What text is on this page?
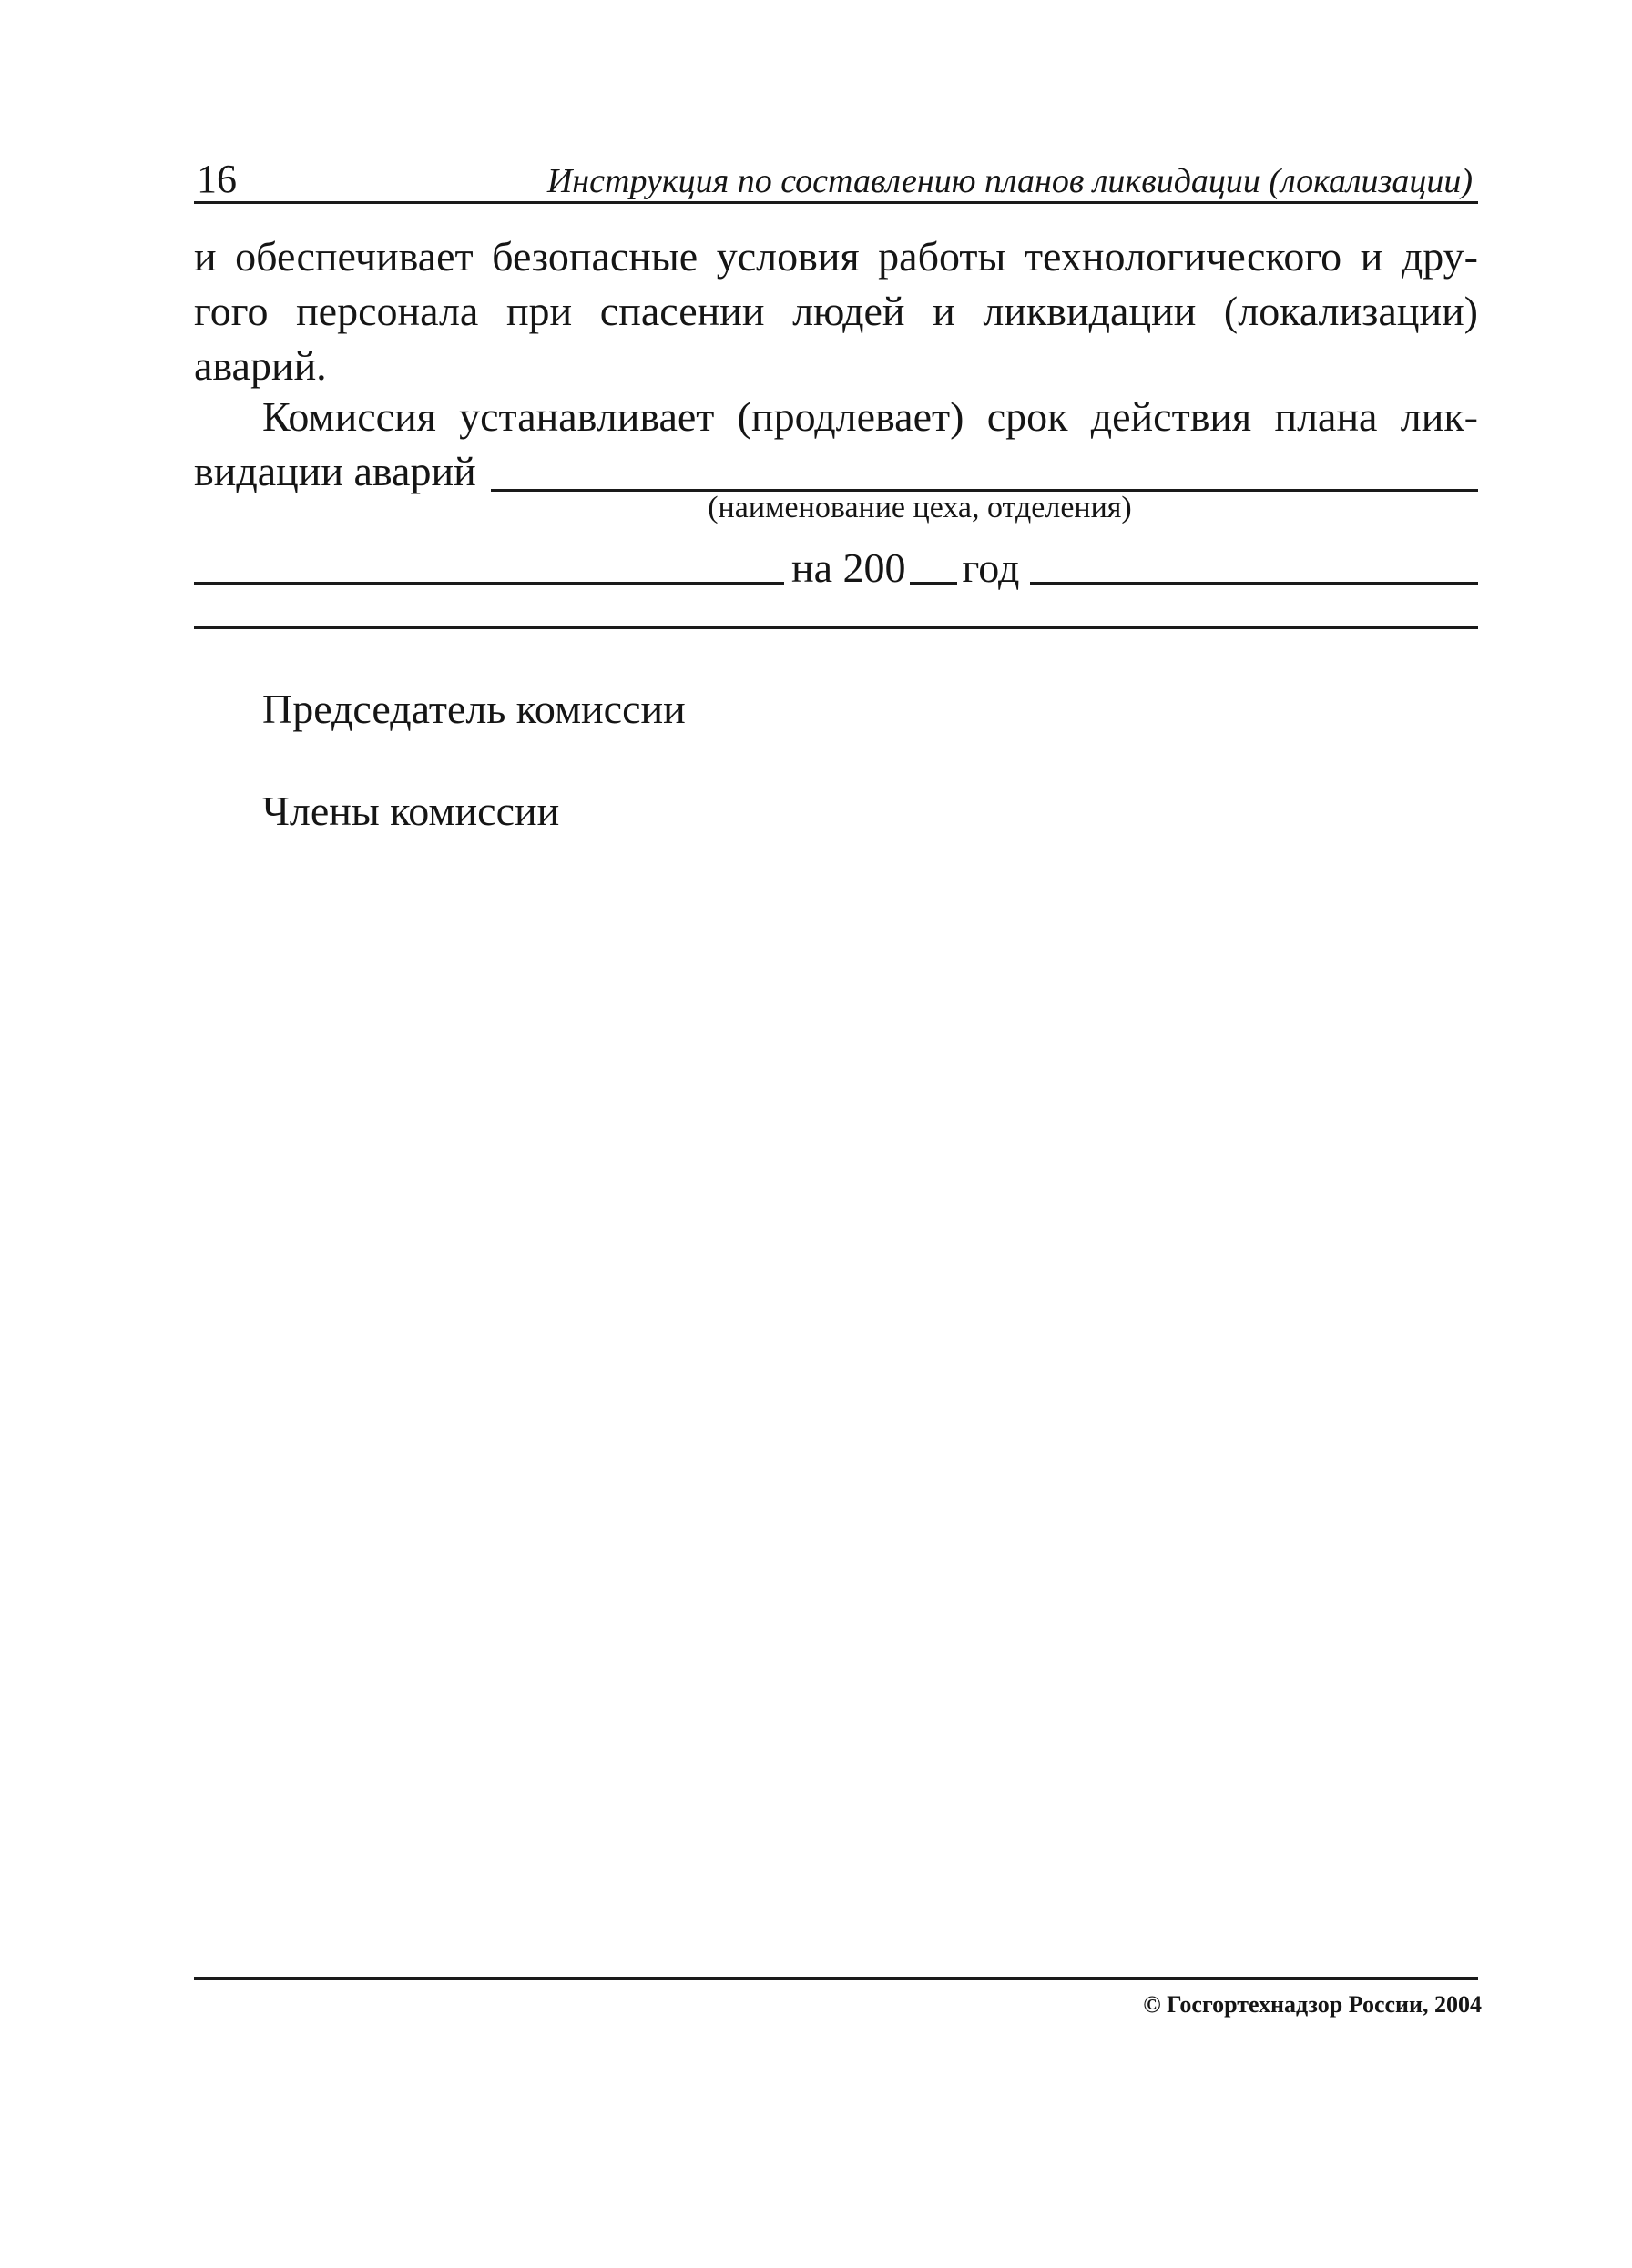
16	Инструкция по составлению планов ликвидации (локализации)
и обеспечивает безопасные условия работы технологического и дру-
гого персонала при спасении людей и ликвидации (локализации)
аварий.
Комиссия устанавливает (продлевает) срок действия плана лик-
видации аварий
(наименование цеха, отделения)
на 200 год
Председатель комиссии
Члены комиссии
© Госгортехнадзор России, 2004
